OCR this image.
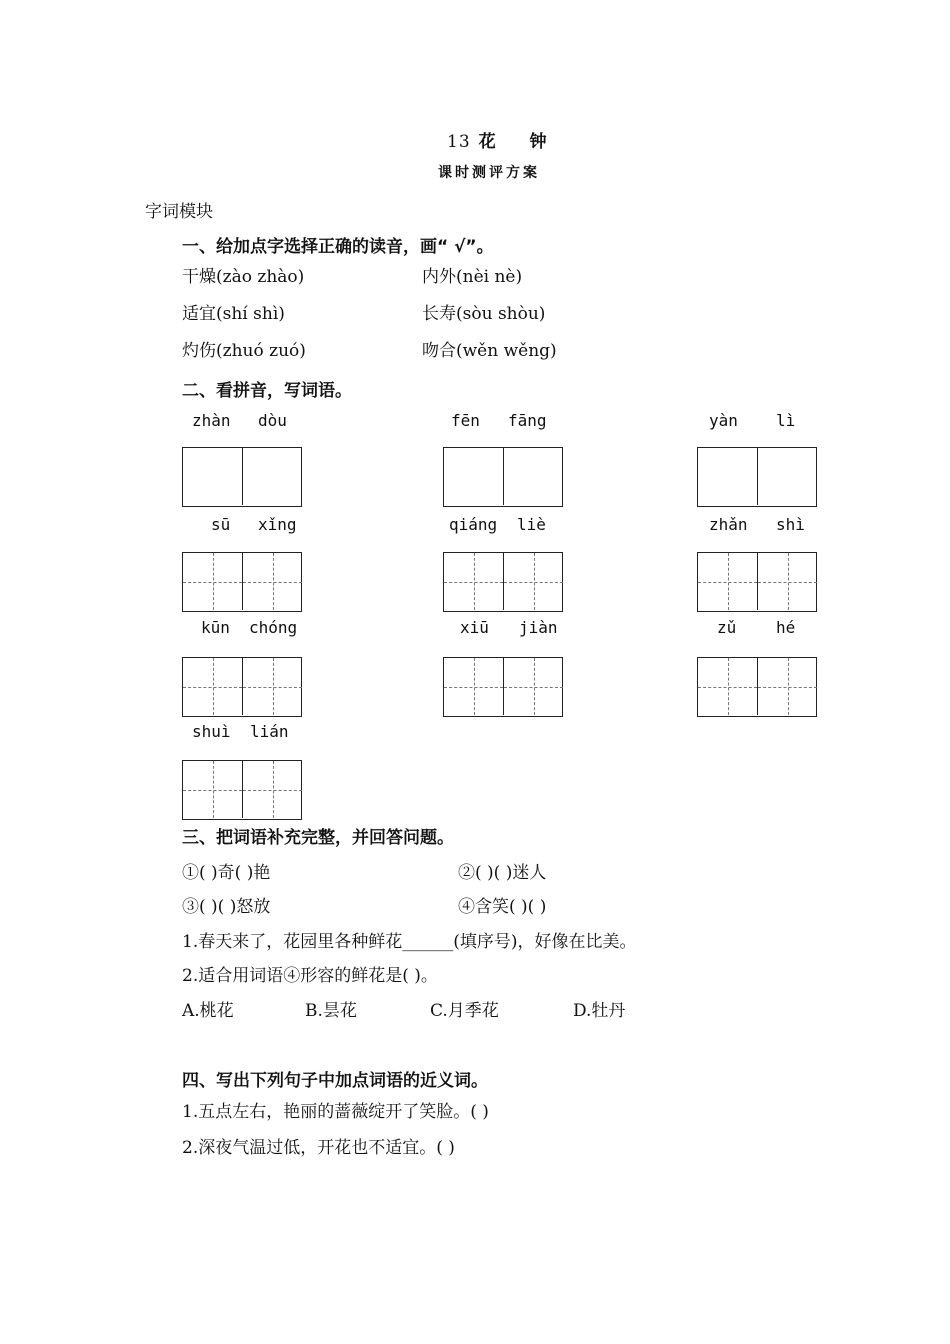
13 花 钟
课时测评方案
字词模块
一、给加点字选择正确的读音，画“ √”。
干燥(zào zhào)	内外(nèi nè)
适宜(shí shì)	长寿(sòu shòu)
灼伤(zhuó zuó)	吻合(wěn wěng)
二、看拼音，写词语。
zhàn dòu	fēn fāng	yàn lì
sū xǐng	qiáng liè	zhǎn shì
kūn chóng	xiū jiàn	zǔ hé
shuì lián
三、把词语补充完整，并回答问题。
①( )奇( )艳	②( )( )迷人
③( )( )怒放	④含笑( )( )
1.春天来了，花园里各种鲜花______(填序号)，好像在比美。
2.适合用词语④形容的鲜花是( )。
A.桃花	B.昙花	C.月季花	D.牡丹
四、写出下列句子中加点词语的近义词。
1.五点左右，艳丽的蔷薇绽开了笑脸。( )
2.深夜气温过低，开花也不适宜。( )
